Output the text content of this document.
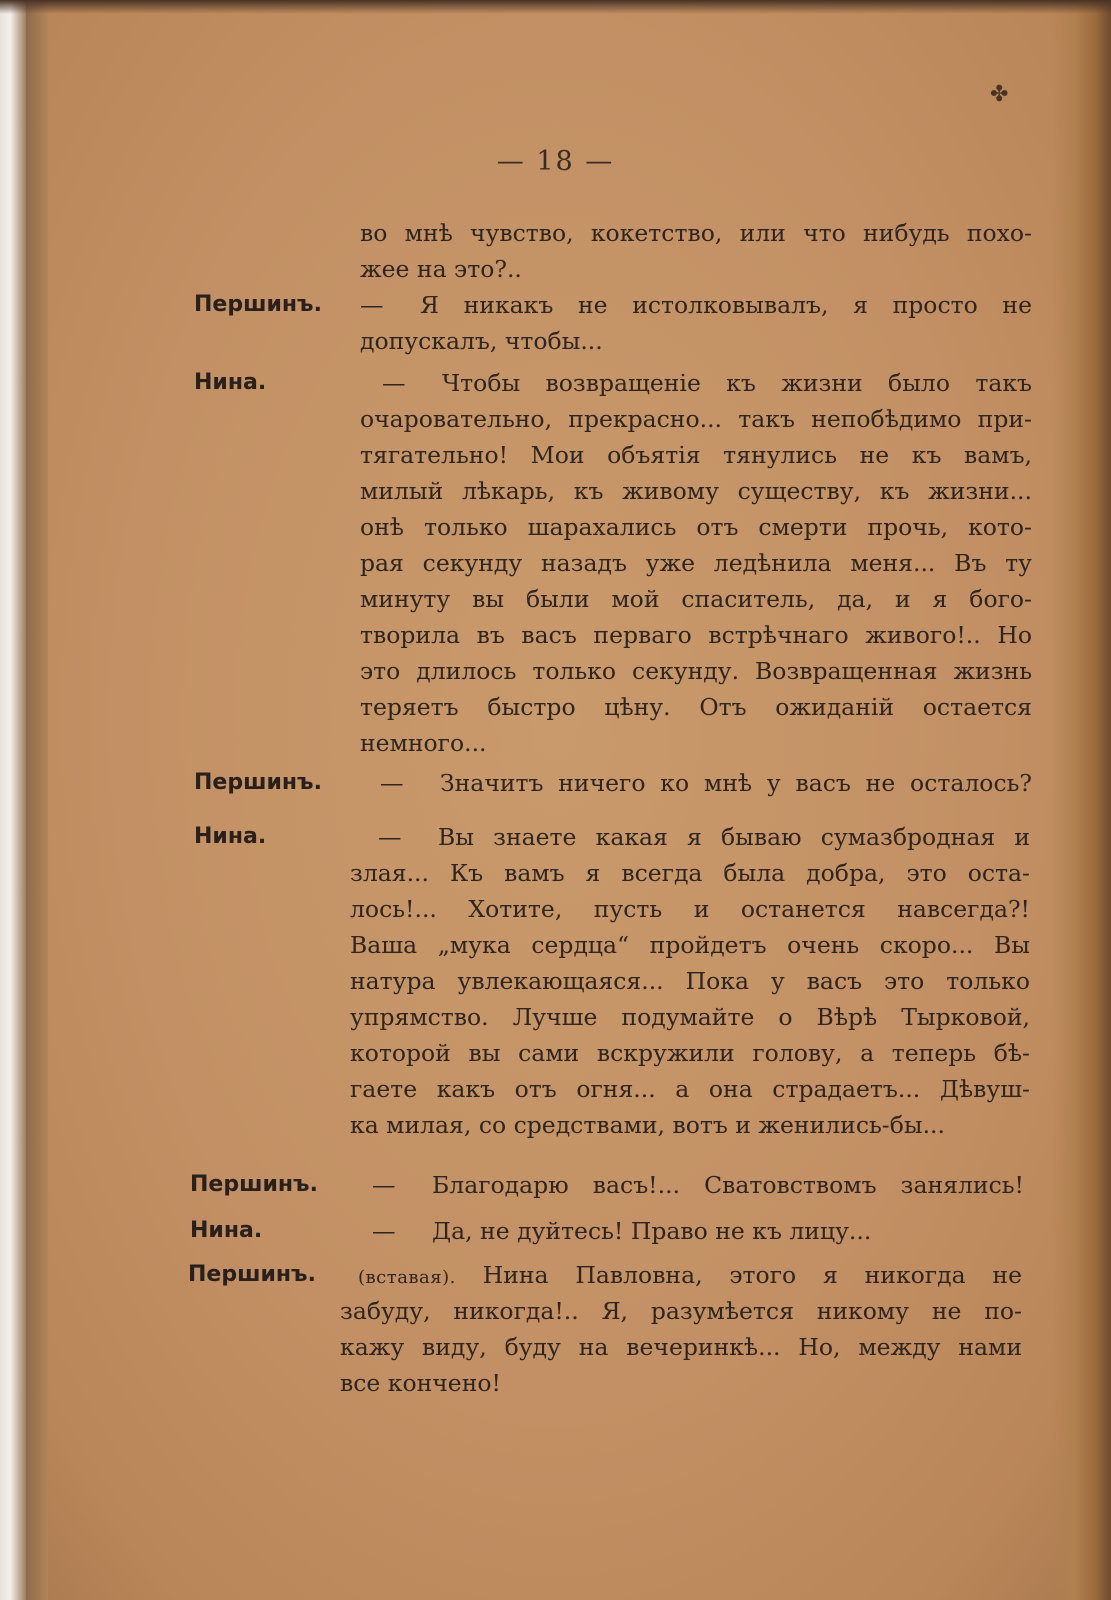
✤
— 18 —
во мнѣ чувство, кокетство, или что нибудь похо-
жее на это?..
Першинъ. — Я никакъ не истолковывалъ, я просто не
допускалъ, чтобы...
Нина.	— Чтобы возвращеніе къ жизни было такъ
очаровательно, прекрасно... такъ непобѣдимо при-
тягательно! Мои объятія тянулись не къ вамъ,
милый лѣкарь, къ живому существу, къ жизни...
онѣ только шарахались отъ смерти прочь, кото-
рая секунду назадъ уже ледѣнила меня... Въ ту
минуту вы были мой спаситель, да, и я бого-
творила въ васъ перваго встрѣчнаго живого!.. Но
это длилось только секунду. Возвращенная жизнь
теряетъ быстро цѣну. Отъ ожиданій остается
немного...
Першинъ. — Значитъ ничего ко мнѣ у васъ не осталось?
Нина.	— Вы знаете какая я бываю сумазбродная и
злая... Къ вамъ я всегда была добра, это оста-
лось!... Хотите, пусть и останется навсегда?!
Ваша „мука сердца“ пройдетъ очень скоро... Вы
натура увлекающаяся... Пока у васъ это только
упрямство. Лучше подумайте о Вѣрѣ Тырковой,
которой вы сами вскружили голову, а теперь бѣ-
гаете какъ отъ огня... а она страдаетъ... Дѣвуш-
ка милая, со средствами, вотъ и женились-бы...
Першинъ. — Благодарю васъ!... Сватовствомъ занялись!
Нина.	— Да, не дуйтесь! Право не къ лицу...
Першинъ. (вставая). Нина Павловна, этого я никогда не
забуду, никогда!.. Я, разумѣется никому не по-
кажу виду, буду на вечеринкѣ... Но, между нами
все кончено!
